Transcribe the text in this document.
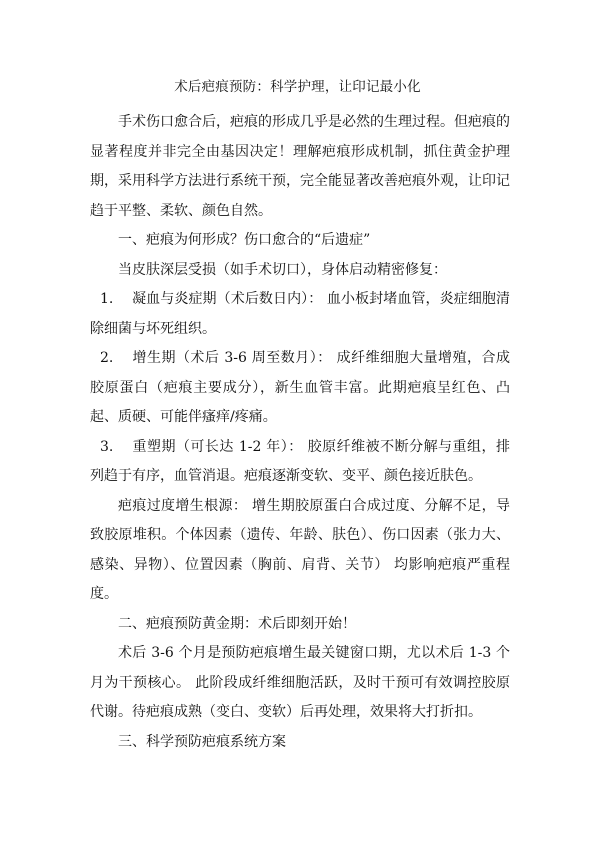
术后疤痕预防：科学护理，让印记最小化

手术伤口愈合后，疤痕的形成几乎是必然的生理过程。但疤痕的显著程度并非完全由基因决定！理解疤痕形成机制，抓住黄金护理期，采用科学方法进行系统干预，完全能显著改善疤痕外观，让印记趋于平整、柔软、颜色自然。

一、疤痕为何形成？伤口愈合的“后遗症”

当皮肤深层受损（如手术切口），身体启动精密修复：

1. 凝血与炎症期（术后数日内）： 血小板封堵血管，炎症细胞清除细菌与坏死组织。

2. 增生期（术后 3-6 周至数月）： 成纤维细胞大量增殖，合成胶原蛋白（疤痕主要成分），新生血管丰富。此期疤痕呈红色、凸起、质硬、可能伴瘙痒/疼痛。

3. 重塑期（可长达 1-2 年）： 胶原纤维被不断分解与重组，排列趋于有序，血管消退。疤痕逐渐变软、变平、颜色接近肤色。

疤痕过度增生根源： 增生期胶原蛋白合成过度、分解不足，导致胶原堆积。个体因素（遗传、年龄、肤色）、伤口因素（张力大、感染、异物）、位置因素（胸前、肩背、关节） 均影响疤痕严重程度。

二、疤痕预防黄金期：术后即刻开始！

术后 3-6 个月是预防疤痕增生最关键窗口期，尤以术后 1-3 个月为干预核心。 此阶段成纤维细胞活跃，及时干预可有效调控胶原代谢。待疤痕成熟（变白、变软）后再处理，效果将大打折扣。

三、科学预防疤痕系统方案
